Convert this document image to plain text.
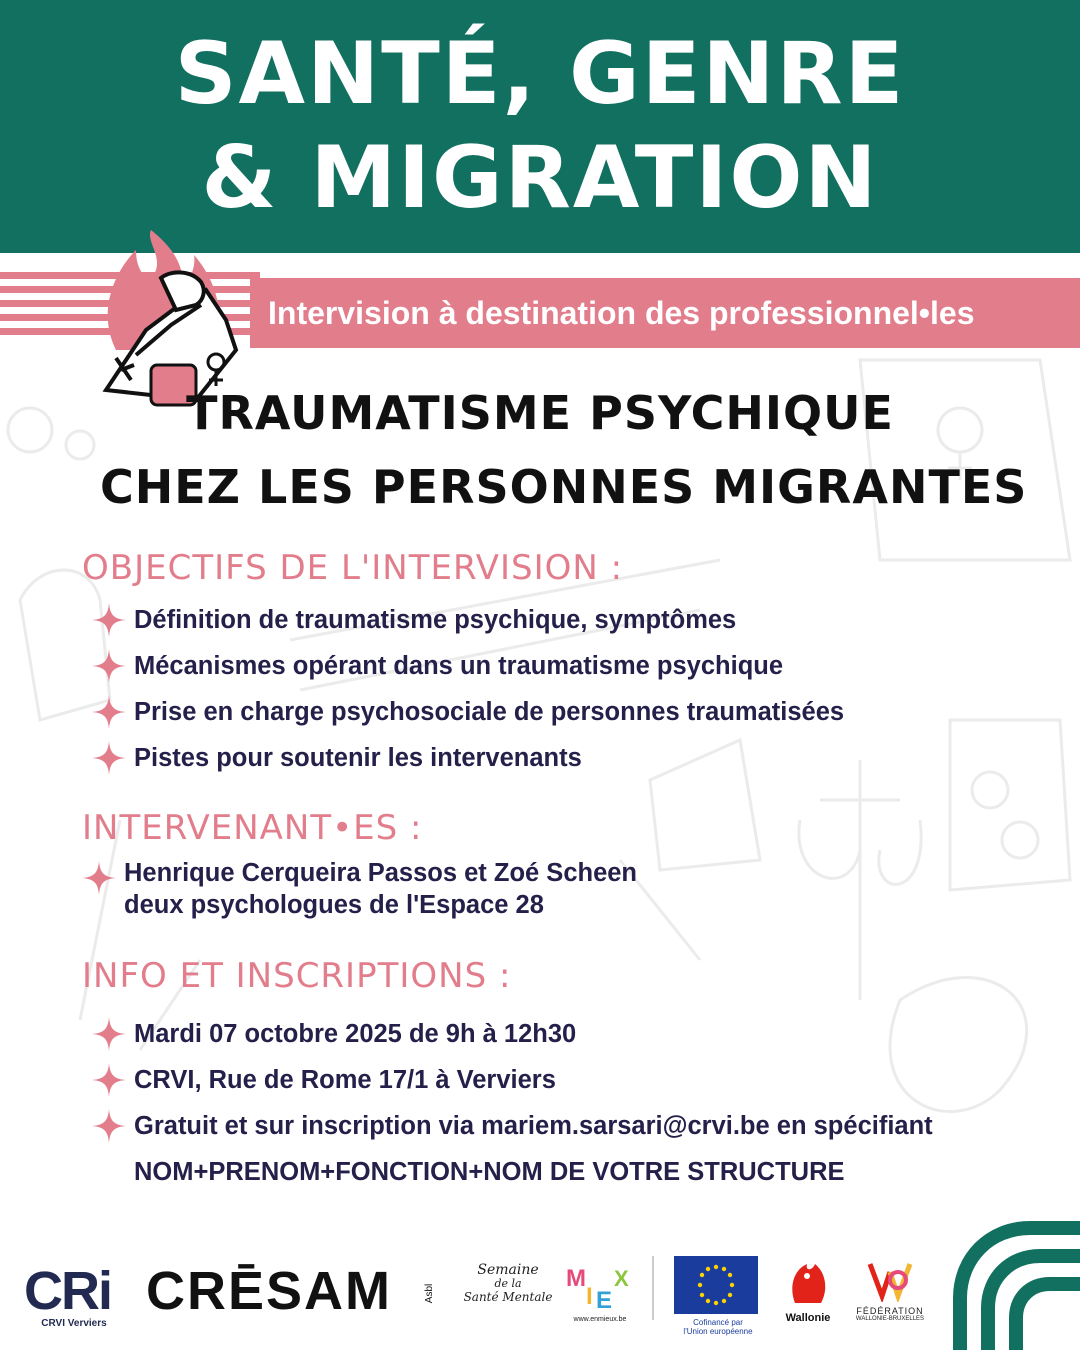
SANTÉ, GENRE
& MIGRATION
Intervision à destination des professionnel•les
TRAUMATISME PSYCHIQUE
CHEZ LES PERSONNES MIGRANTES
OBJECTIFS DE L'INTERVISION :
Définition de traumatisme psychique, symptômes
Mécanismes opérant dans un traumatisme psychique
Prise en charge psychosociale de personnes traumatisées
Pistes pour soutenir les intervenants
INTERVENANT•ES :
Henrique Cerqueira Passos et Zoé Scheen
deux psychologues de l'Espace 28
INFO ET INSCRIPTIONS :
Mardi 07 octobre 2025 de 9h à 12h30
CRVI, Rue de Rome 17/1 à Verviers
Gratuit et sur inscription via mariem.sarsari@crvi.be en spécifiant
NOM+PRENOM+FONCTION+NOM DE VOTRE STRUCTURE
CRi
CRVI Verviers
CRĒSAM	Asbl
Semaine
de la
Santé Mentale
M
I E
X
www.enmieux.be	Cofinancé par
l'Union européenne
Wallonie
FÉDÉRATION
WALLONIE-BRUXELLES
